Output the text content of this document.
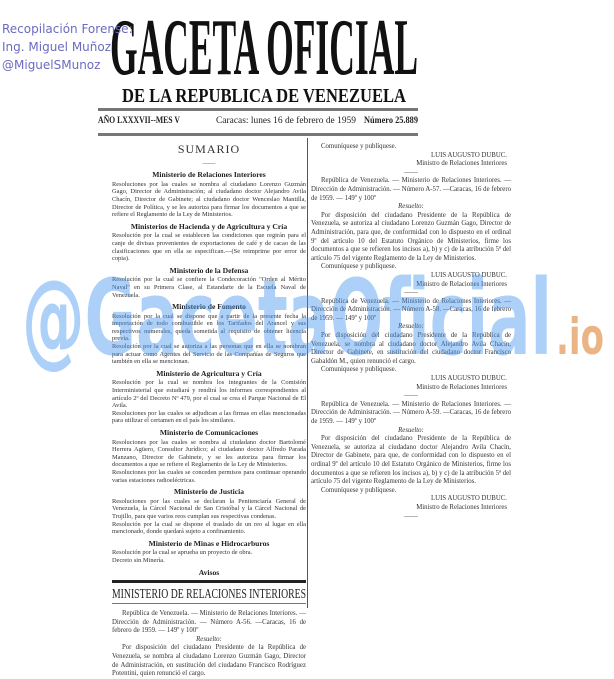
Recopilación Forense:
Ing. Miguel Muñoz
@MiguelSMunoz GACETA OFICIAL
DE LA REPUBLICA DE VENEZUELA
AÑO LXXXVII--MES V Caracas: lunes 16 de febrero de 1959 Número 25.889
SUMARIO
——
Ministerio de Relaciones Interiores
Resoluciones por las cuales se nombra al ciudadano Lorenzo Guzmán Gago, Director de Administración; al ciudadano doctor Alejandro Avila Chacín, Director de Gabinete; al ciudadano doctor Wenceslao Mantilla, Director de Política, y se les autoriza para firmar los documentos a que se refiere el Reglamento de la Ley de Ministerios.
Ministerios de Hacienda y de Agricultura y Cría
Resolución por la cual se establecen las condiciones que regirán para el canje de divisas provenientes de exportaciones de café y de cacao de las clasificaciones que en ella se especifican.—(Se reimprime por error de copia).
Ministerio de la Defensa
Resolución por la cual se confiere la Condecoración "Orden al Mérito Naval" en su Primera Clase, al Estandarte de la Escuela Naval de Venezuela.
Ministerio de Fomento
Resolución por la cual se dispone que a partir de la presente fecha la importación de todo combustible en los Tarifados del Arancel y sus respectivos numerales, queda sometida al requisito de obtener licencia previa.
Resolución por la cual se autoriza a las personas que en ella se nombran para actuar como Agentes del Servicio de las Compañías de Seguros que también en ella se mencionan.
Ministerio de Agricultura y Cría
Resolución por la cual se nombra los integrantes de la Comisión Interministerial que estudiará y rendirá los informes correspondientes al artículo 2º del Decreto Nº 479, por el cual se crea el Parque Nacional de El Avila.
Resoluciones por las cuales se adjudican a las firmas en ellas mencionadas para utilizar el certamen en el país los similares.
Ministerio de Comunicaciones
Resoluciones por las cuales se nombra al ciudadano doctor Bartolomé Herrera Agüero, Consultor Jurídico; al ciudadano doctor Alfredo Parada Manzano, Director de Gabinete, y se les autoriza para firmar los documentos a que se refiere el Reglamento de la Ley de Ministerios.
Resoluciones por las cuales se conceden permisos para continuar operando varias estaciones radioeléctricas.
Ministerio de Justicia
Resoluciones por las cuales se declaran la Penitenciaría General de Venezuela, la Cárcel Nacional de San Cristóbal y la Cárcel Nacional de Trujillo, para que varios reos cumplan sus respectivas condenas.
Resolución por la cual se dispone el traslado de un reo al lugar en ella mencionado, donde quedará sujeto a confinamiento.
Ministerio de Minas e Hidrocarburos
Resolución por la cual se aprueba un proyecto de obra.
Decreto sin Minería.
Avisos
MINISTERIO DE RELACIONES INTERIORES
República de Venezuela. — Ministerio de Relaciones Interiores. — Dirección de Administración. — Número A-56. —Caracas, 16 de febrero de 1959. — 149º y 100º
Resuelto:
Por disposición del ciudadano Presidente de la República de Venezuela, se nombra al ciudadano Lorenzo Guzmán Gago, Director de Administración, en sustitución del ciudadano Francisco Rodríguez Potentini, quien renunció el cargo.
Comuníquese y publíquese.
LUIS AUGUSTO DUBUC.
Ministro de Relaciones Interiores
——
República de Venezuela. — Ministerio de Relaciones Interiores. — Dirección de Administración. — Número A-57. —Caracas, 16 de febrero de 1959. — 149º y 100º
Resuelto:
Por disposición del ciudadano Presidente de la República de Venezuela, se autoriza al ciudadano Lorenzo Guzmán Gago, Director de Administración, para que, de conformidad con lo dispuesto en el ordinal 9º del artículo 10 del Estatuto Orgánico de Ministerios, firme los documentos a que se refieren los incisos a), b) y c) de la atribución 5ª del artículo 75 del vigente Reglamento de la Ley de Ministerios.
Comuníquese y publíquese.
LUIS AUGUSTO DUBUC.
Ministro de Relaciones Interiores
——
República de Venezuela. — Ministerio de Relaciones Interiores. — Dirección de Administración. — Número A-58. —Caracas, 16 de febrero de 1959. — 149º y 100º
Resuelto:
Por disposición del ciudadano Presidente de la República de Venezuela, se nombra al ciudadano doctor Alejandro Avila Chacín, Director de Gabinete, en sustitución del ciudadano doctor Francisco Gabaldón M., quien renunció el cargo.
Comuníquese y publíquese.
LUIS AUGUSTO DUBUC.
Ministro de Relaciones Interiores
——
República de Venezuela. — Ministerio de Relaciones Interiores. — Dirección de Administración. — Número A-59. —Caracas, 16 de febrero de 1959. — 149º y 100º
Resuelto:
Por disposición del ciudadano Presidente de la República de Venezuela, se autoriza al ciudadano doctor Alejandro Avila Chacín, Director de Gabinete, para que, de conformidad con lo dispuesto en el ordinal 9º del artículo 10 del Estatuto Orgánico de Ministerios, firme los documentos a que se refieren los incisos a), b) y c) de la atribución 5ª del artículo 75 del vigente Reglamento de la Ley de Ministerios.
Comuníquese y publíquese.
LUIS AUGUSTO DUBUC.
Ministro de Relaciones Interiores
——
@GacetaOficial .io
